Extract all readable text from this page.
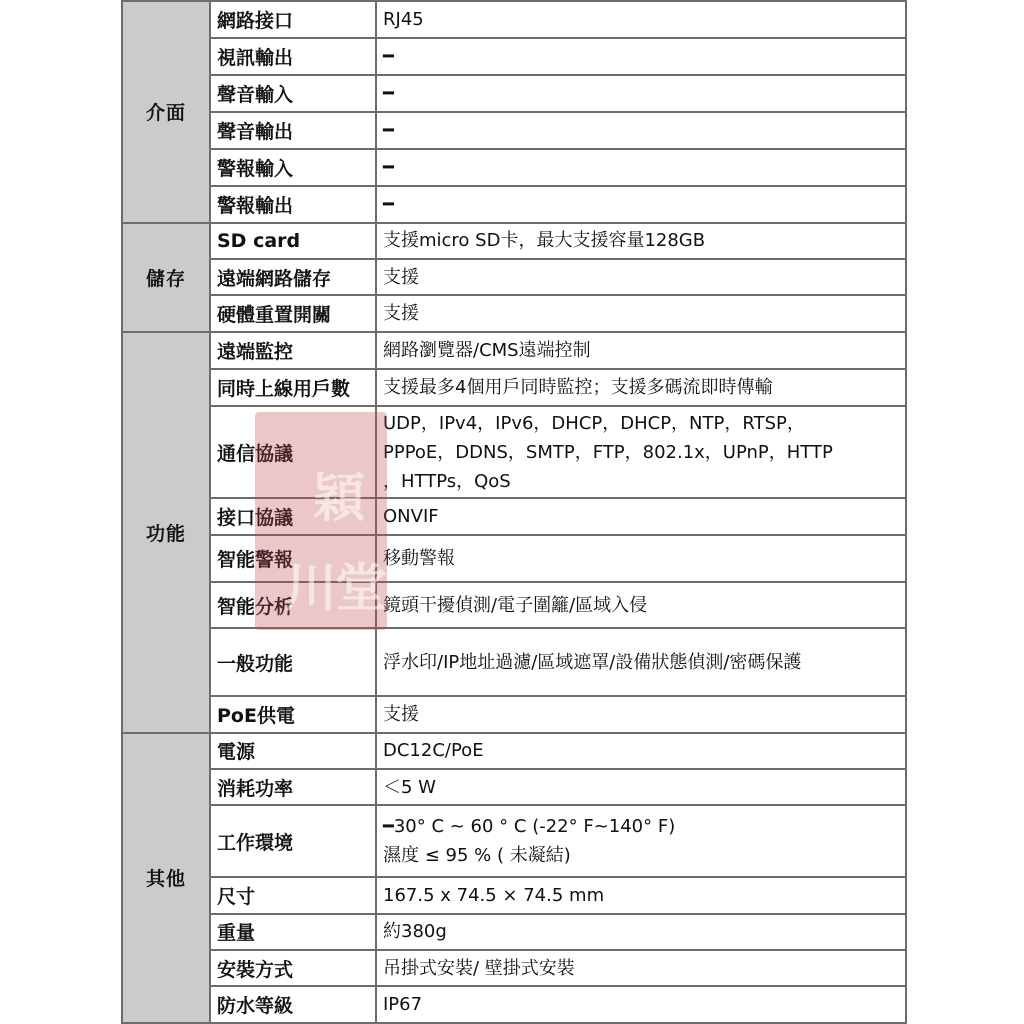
介面	網路接口	RJ45

	視訊輸出	━

	聲音輸入	━

	聲音輸出	━

	警報輸入	━

	警報輸出	━

儲存	SD card	支援micro SD卡，最大支援容量128GB

	遠端網路儲存	支援

	硬體重置開關	支援

功能	遠端監控	網路瀏覽器/CMS遠端控制

	同時上線用戶數	支援最多4個用戶同時監控；支援多碼流即時傳輸

	通信協議	UDP，IPv4，IPv6，DHCP，DHCP，NTP，RTSP，
PPPoE，DDNS，SMTP，FTP，802.1x，UPnP，HTTP
，HTTPs，QoS

	接口協議	ONVIF

	智能警報	移動警報

	智能分析	鏡頭干擾偵測/電子圍籬/區域入侵

	一般功能	浮水印/IP地址過濾/區域遮罩/設備狀態偵測/密碼保護

	PoE供電	支援

其他	電源	DC12C/PoE

	消耗功率	＜5 W

	工作環境	━30° C ~ 60 ° C (-22° F~140° F)
濕度 ≤ 95 % ( 未凝結)

	尺寸	167.5 x 74.5 × 74.5 mm

	重量	約380g

	安裝方式	吊掛式安裝/ 壁掛式安裝

	防水等級	IP67
穎
川
堂
